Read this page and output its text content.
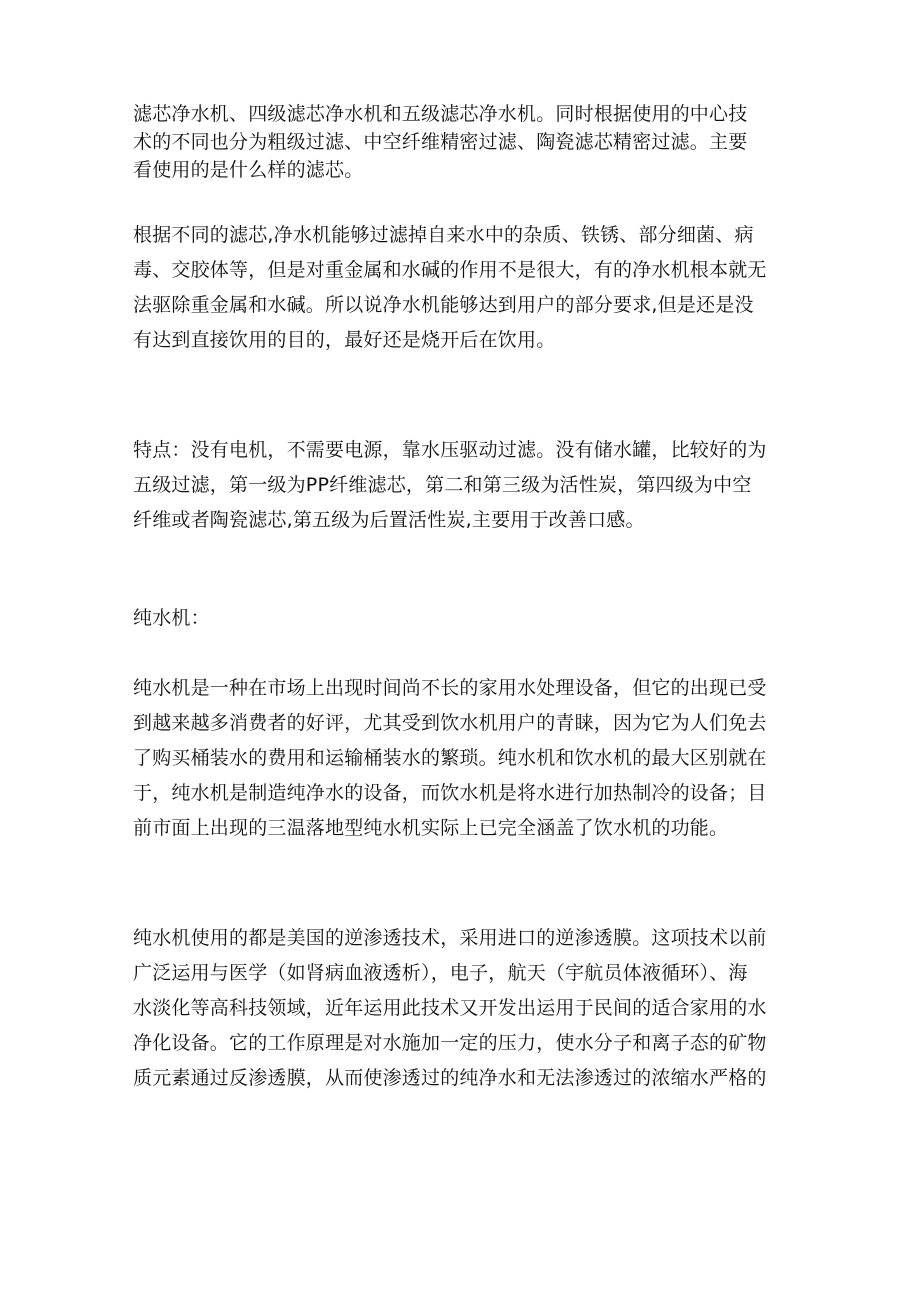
滤芯净水机、四级滤芯净水机和五级滤芯净水机。同时根据使用的中心技
术的不同也分为粗级过滤、中空纤维精密过滤、陶瓷滤芯精密过滤。主要
看使用的是什么样的滤芯。
根据不同的滤芯,净水机能够过滤掉自来水中的杂质、铁锈、部分细菌、病
毒、交胶体等，但是对重金属和水碱的作用不是很大，有的净水机根本就无
法驱除重金属和水碱。所以说净水机能够达到用户的部分要求,但是还是没
有达到直接饮用的目的，最好还是烧开后在饮用。
特点：没有电机，不需要电源，靠水压驱动过滤。没有储水罐，比较好的为
五级过滤，第一级为PP纤维滤芯，第二和第三级为活性炭，第四级为中空
纤维或者陶瓷滤芯,第五级为后置活性炭,主要用于改善口感。
纯水机：
纯水机是一种在市场上出现时间尚不长的家用水处理设备，但它的出现已受
到越来越多消费者的好评，尤其受到饮水机用户的青睐，因为它为人们免去
了购买桶装水的费用和运输桶装水的繁琐。纯水机和饮水机的最大区别就在
于，纯水机是制造纯净水的设备，而饮水机是将水进行加热制冷的设备；目
前市面上出现的三温落地型纯水机实际上已完全涵盖了饮水机的功能。
纯水机使用的都是美国的逆渗透技术，采用进口的逆渗透膜。这项技术以前
广泛运用与医学（如肾病血液透析），电子，航天（宇航员体液循环）、海
水淡化等高科技领域，近年运用此技术又开发出运用于民间的适合家用的水
净化设备。它的工作原理是对水施加一定的压力，使水分子和离子态的矿物
质元素通过反渗透膜，从而使渗透过的纯净水和无法渗透过的浓缩水严格的
